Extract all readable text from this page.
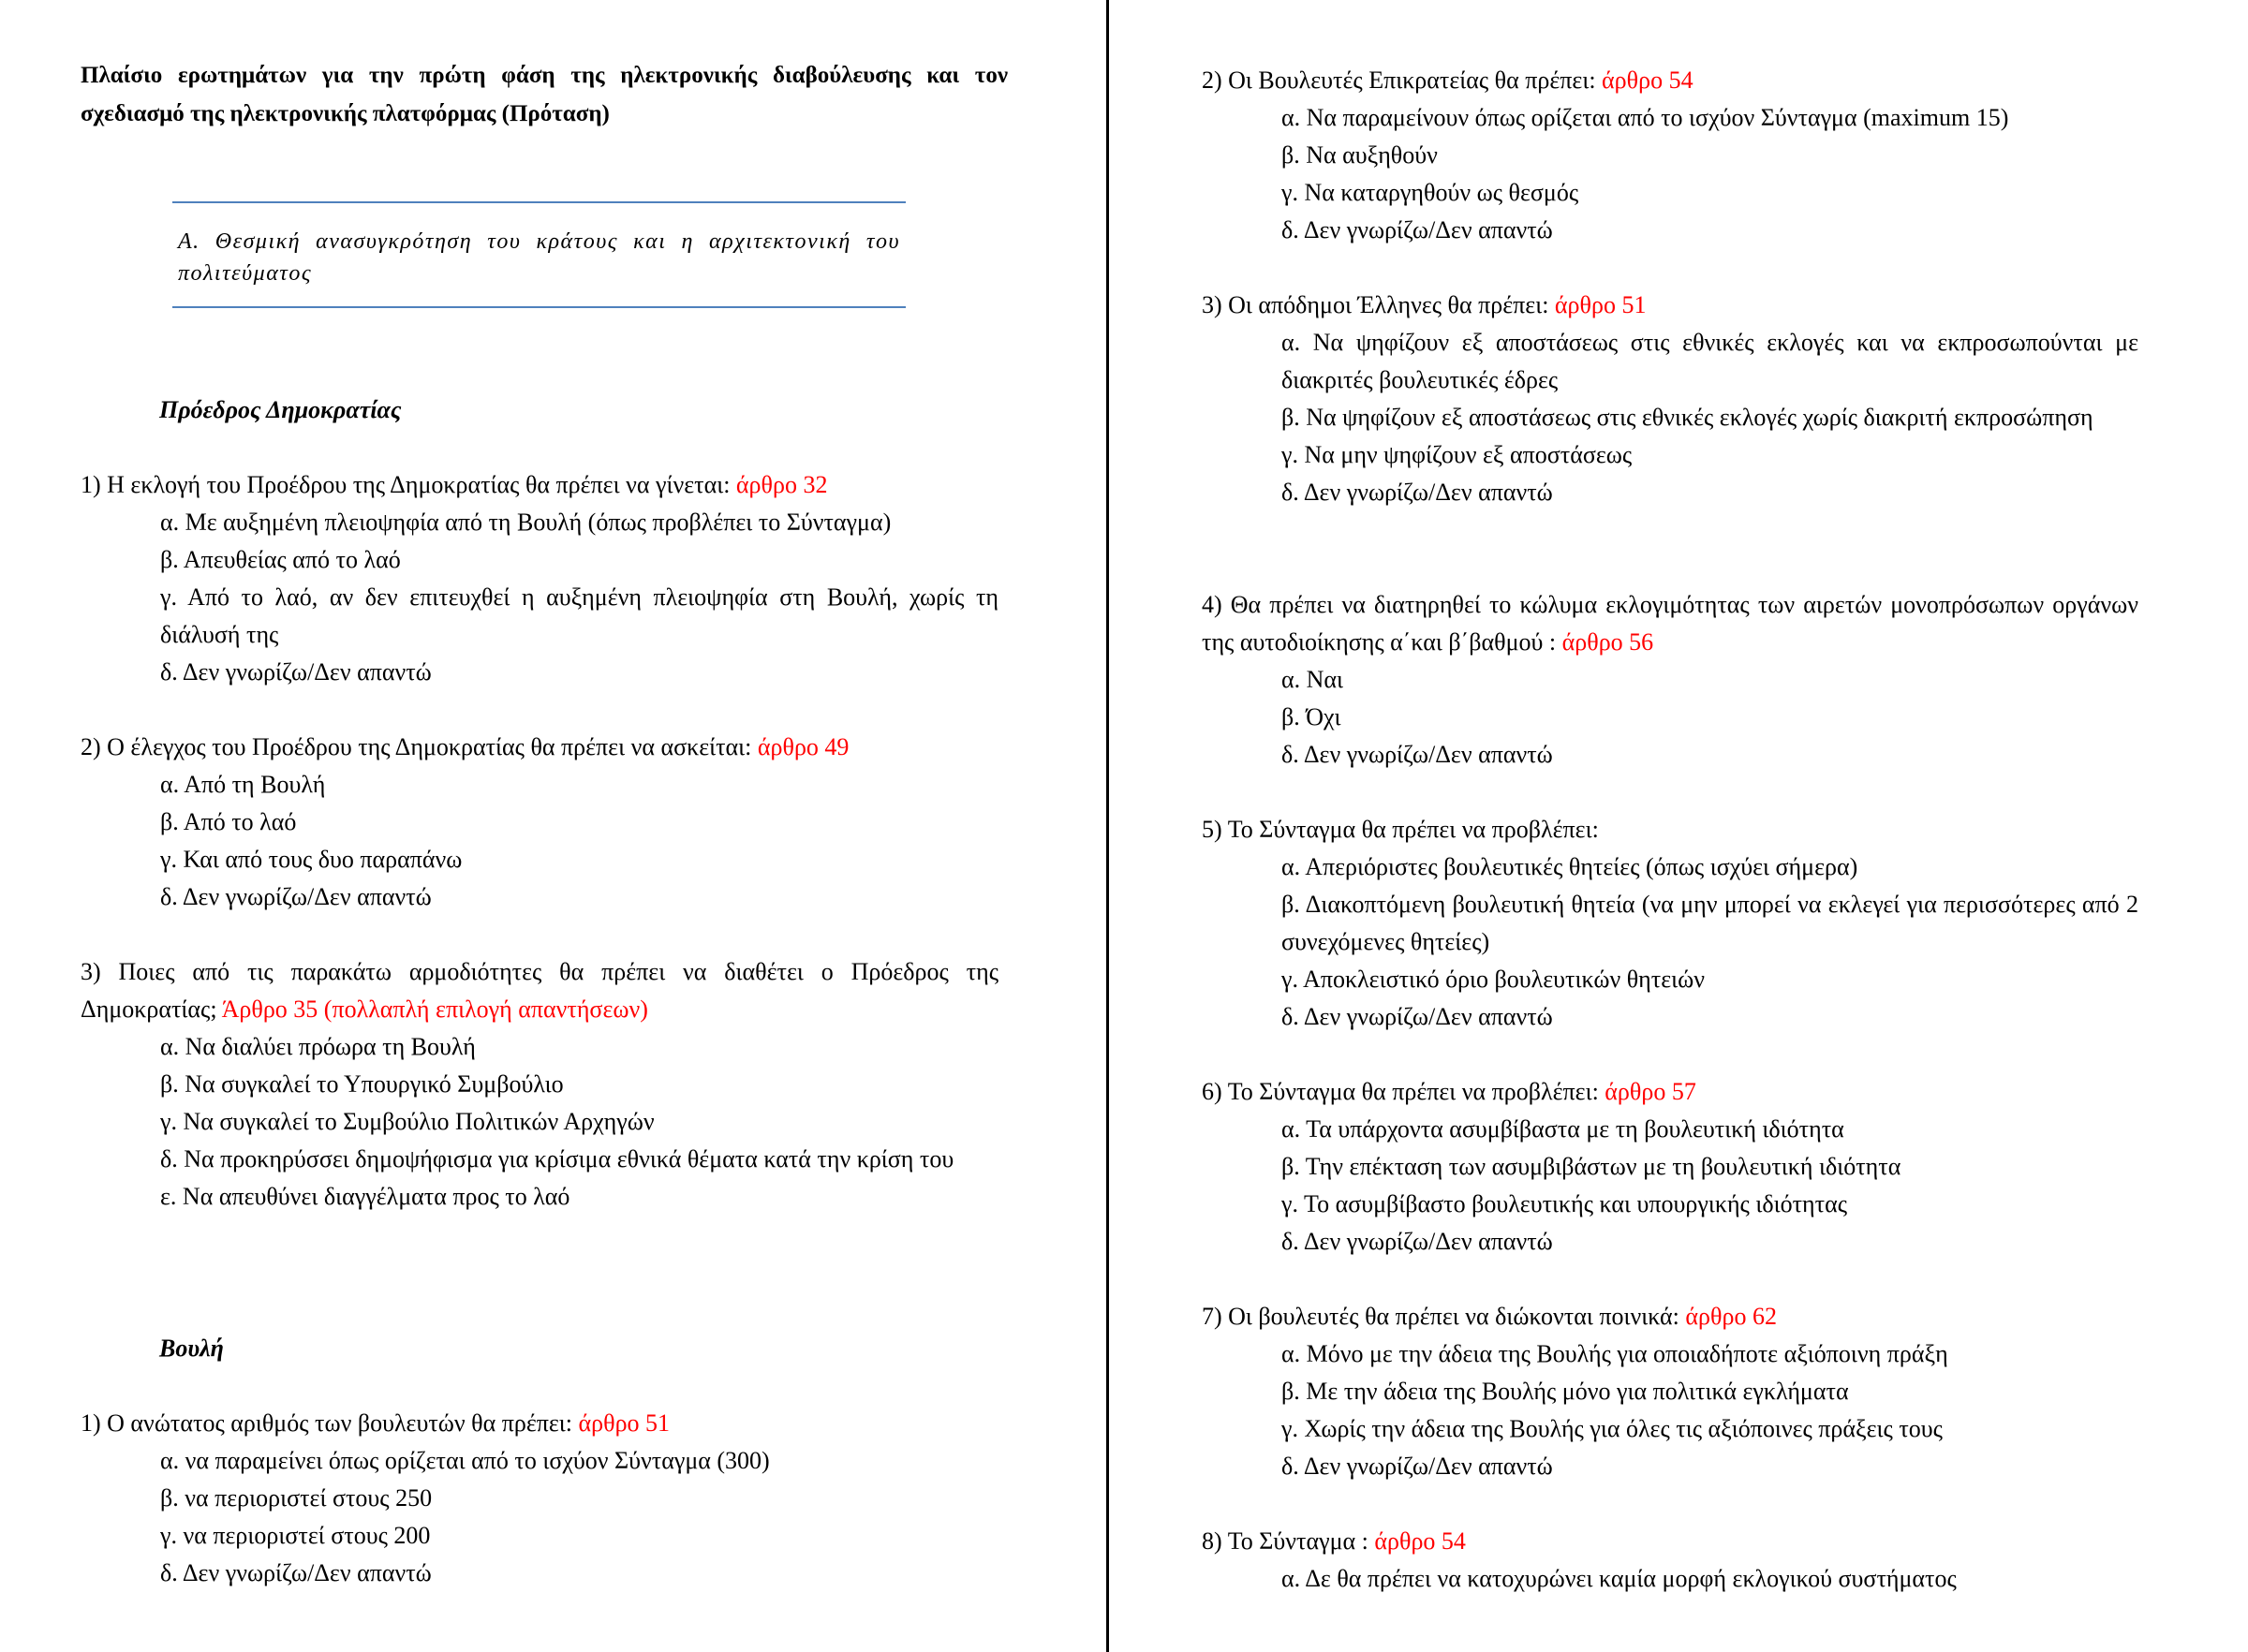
Πλαίσιο ερωτημάτων για την πρώτη φάση της ηλεκτρονικής διαβούλευσης και τον σχεδιασμό της ηλεκτρονικής πλατφόρμας (Πρόταση)
Α. Θεσμική ανασυγκρότηση του κράτους και η αρχιτεκτονική του πολιτεύματος
Πρόεδρος Δημοκρατίας
1) Η εκλογή του Προέδρου της Δημοκρατίας θα πρέπει να γίνεται: άρθρο 32
α. Με αυξημένη πλειοψηφία από τη Βουλή (όπως προβλέπει το Σύνταγμα)
β. Απευθείας από το λαό
γ. Από το λαό, αν δεν επιτευχθεί η αυξημένη πλειοψηφία στη Βουλή, χωρίς τη διάλυσή της
δ. Δεν γνωρίζω/Δεν απαντώ
2) Ο έλεγχος του Προέδρου της Δημοκρατίας θα πρέπει να ασκείται: άρθρο 49
α. Από τη Βουλή
β. Από το λαό
γ. Και από τους δυο παραπάνω
δ. Δεν γνωρίζω/Δεν απαντώ
3) Ποιες από τις παρακάτω αρμοδιότητες θα πρέπει να διαθέτει ο Πρόεδρος της Δημοκρατίας; Άρθρο 35 (πολλαπλή επιλογή απαντήσεων)
α. Να διαλύει πρόωρα τη Βουλή
β. Να συγκαλεί το Υπουργικό Συμβούλιο
γ. Να συγκαλεί το Συμβούλιο Πολιτικών Αρχηγών
δ. Να προκηρύσσει δημοψήφισμα για κρίσιμα εθνικά θέματα κατά την κρίση του
ε. Να απευθύνει διαγγέλματα προς το λαό
Βουλή
1) Ο ανώτατος αριθμός των βουλευτών θα πρέπει: άρθρο 51
α. να παραμείνει όπως ορίζεται από το ισχύον Σύνταγμα (300)
β. να περιοριστεί στους 250
γ. να περιοριστεί στους 200
δ. Δεν γνωρίζω/Δεν απαντώ
2) Οι Βουλευτές Επικρατείας θα πρέπει: άρθρο 54
α. Να παραμείνουν όπως ορίζεται από το ισχύον Σύνταγμα (maximum 15)
β. Να αυξηθούν
γ. Να καταργηθούν ως θεσμός
δ. Δεν γνωρίζω/Δεν απαντώ
3) Οι απόδημοι Έλληνες θα πρέπει: άρθρο 51
α. Να ψηφίζουν εξ αποστάσεως στις εθνικές εκλογές και να εκπροσωπούνται με διακριτές βουλευτικές έδρες
β. Να ψηφίζουν εξ αποστάσεως στις εθνικές εκλογές χωρίς διακριτή εκπροσώπηση
γ. Να μην ψηφίζουν εξ αποστάσεως
δ. Δεν γνωρίζω/Δεν απαντώ
4) Θα πρέπει να διατηρηθεί το κώλυμα εκλογιμότητας των αιρετών μονοπρόσωπων οργάνων της αυτοδιοίκησης α΄και β΄βαθμού : άρθρο 56
α. Ναι
β. Όχι
δ. Δεν γνωρίζω/Δεν απαντώ
5) Το Σύνταγμα θα πρέπει να προβλέπει:
α. Απεριόριστες βουλευτικές θητείες (όπως ισχύει σήμερα)
β. Διακοπτόμενη βουλευτική θητεία (να μην μπορεί να εκλεγεί για περισσότερες από 2 συνεχόμενες θητείες)
γ. Αποκλειστικό όριο βουλευτικών θητειών
δ. Δεν γνωρίζω/Δεν απαντώ
6) Το Σύνταγμα θα πρέπει να προβλέπει: άρθρο 57
α. Τα υπάρχοντα ασυμβίβαστα με τη βουλευτική ιδιότητα
β. Την επέκταση των ασυμβιβάστων με τη βουλευτική ιδιότητα
γ. Το ασυμβίβαστο βουλευτικής και υπουργικής ιδιότητας
δ. Δεν γνωρίζω/Δεν απαντώ
7) Οι βουλευτές θα πρέπει να διώκονται ποινικά: άρθρο 62
α. Μόνο με την άδεια της Βουλής για οποιαδήποτε αξιόποινη πράξη
β. Με την άδεια της Βουλής μόνο για πολιτικά εγκλήματα
γ. Χωρίς την άδεια της Βουλής για όλες τις αξιόποινες πράξεις τους
δ. Δεν γνωρίζω/Δεν απαντώ
8) Το Σύνταγμα : άρθρο 54
α. Δε θα πρέπει να κατοχυρώνει καμία μορφή εκλογικού συστήματος
